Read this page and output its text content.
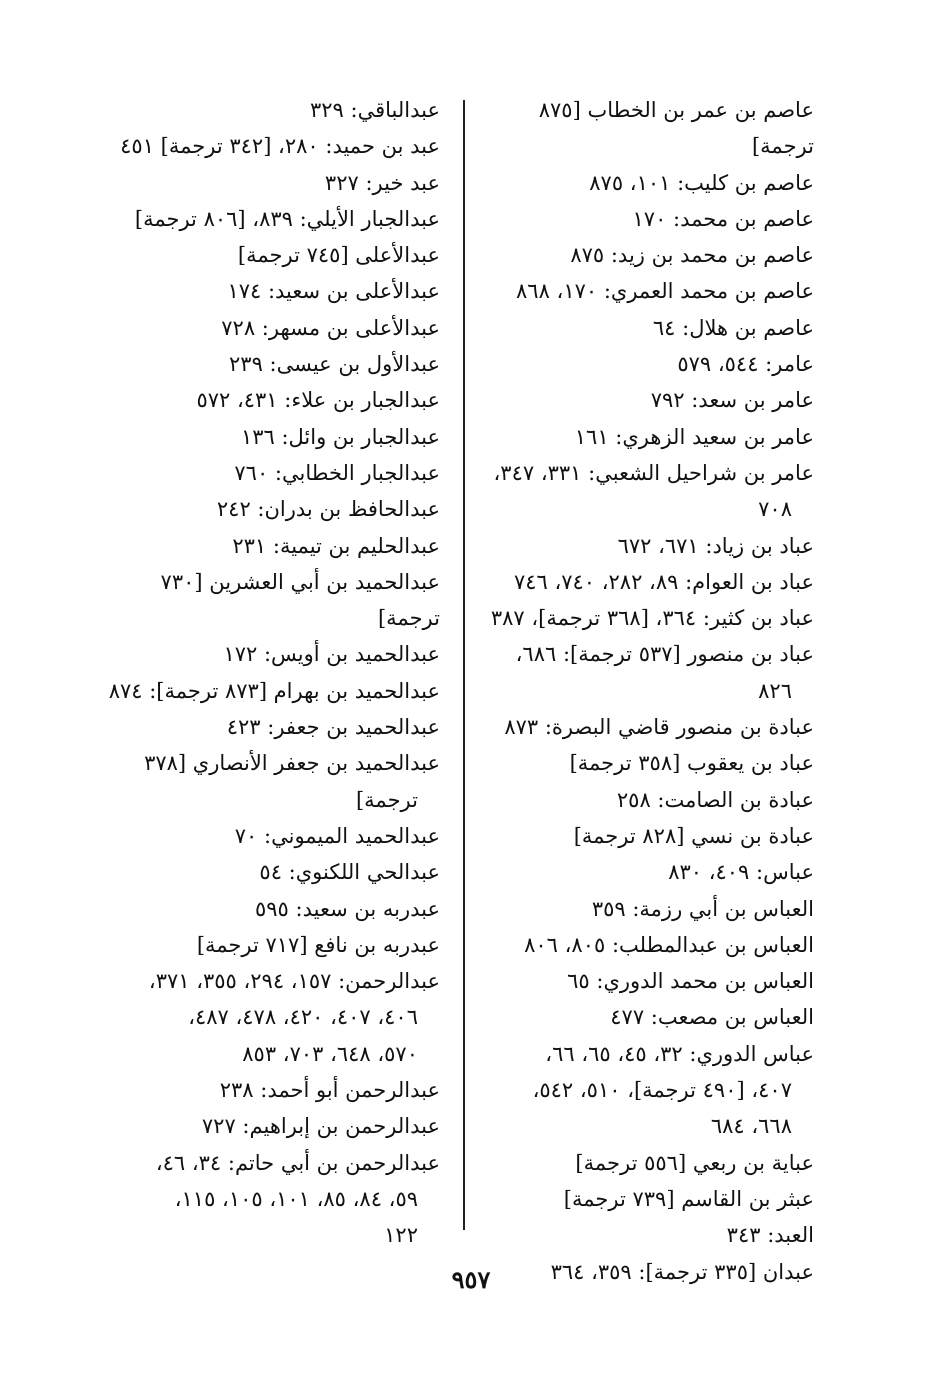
عاصم بن عمر بن الخطاب [٨٧٥ ترجمة]
عاصم بن كليب: ١٠١، ٨٧٥
عاصم بن محمد: ١٧٠
عاصم بن محمد بن زيد: ٨٧٥
عاصم بن محمد العمري: ١٧٠، ٨٦٨
عاصم بن هلال: ٦٤
عامر: ٥٤٤، ٥٧٩
عامر بن سعد: ٧٩٢
عامر بن سعيد الزهري: ١٦١
عامر بن شراحيل الشعبي: ٣٣١، ٣٤٧،
٧٠٨
عباد بن زياد: ٦٧١، ٦٧٢
عباد بن العوام: ٨٩، ٢٨٢، ٧٤٠، ٧٤٦
عباد بن كثير: ٣٦٤، [٣٦٨ ترجمة]، ٣٨٧
عباد بن منصور [٥٣٧ ترجمة]: ٦٨٦،
٨٢٦
عبادة بن منصور قاضي البصرة: ٨٧٣
عباد بن يعقوب [٣٥٨ ترجمة]
عبادة بن الصامت: ٢٥٨
عبادة بن نسي [٨٢٨ ترجمة]
عباس: ٤٠٩، ٨٣٠
العباس بن أبي رزمة: ٣٥٩
العباس بن عبدالمطلب: ٨٠٥، ٨٠٦
العباس بن محمد الدوري: ٦٥
العباس بن مصعب: ٤٧٧
عباس الدوري: ٣٢، ٤٥، ٦٥، ٦٦،
٤٠٧، [٤٩٠ ترجمة]، ٥١٠، ٥٤٢،
٦٦٨، ٦٨٤
عباية بن ربعي [٥٥٦ ترجمة]
عبثر بن القاسم [٧٣٩ ترجمة]
العبد: ٣٤٣
عبدان [٣٣٥ ترجمة]: ٣٥٩، ٣٦٤
عبدالباقي: ٣٢٩
عبد بن حميد: ٢٨٠، [٣٤٢ ترجمة] ٤٥١
عبد خير: ٣٢٧
عبدالجبار الأيلي: ٨٣٩، [٨٠٦ ترجمة]
عبدالأعلى [٧٤٥ ترجمة]
عبدالأعلى بن سعيد: ١٧٤
عبدالأعلى بن مسهر: ٧٢٨
عبدالأول بن عيسى: ٢٣٩
عبدالجبار بن علاء: ٤٣١، ٥٧٢
عبدالجبار بن وائل: ١٣٦
عبدالجبار الخطابي: ٧٦٠
عبدالحافظ بن بدران: ٢٤٢
عبدالحليم بن تيمية: ٢٣١
عبدالحميد بن أبي العشرين [٧٣٠ ترجمة]
عبدالحميد بن أويس: ١٧٢
عبدالحميد بن بهرام [٨٧٣ ترجمة]: ٨٧٤
عبدالحميد بن جعفر: ٤٢٣
عبدالحميد بن جعفر الأنصاري [٣٧٨
ترجمة]
عبدالحميد الميموني: ٧٠
عبدالحي اللكنوي: ٥٤
عبدربه بن سعيد: ٥٩٥
عبدربه بن نافع [٧١٧ ترجمة]
عبدالرحمن: ١٥٧، ٢٩٤، ٣٥٥، ٣٧١،
٤٠٦، ٤٠٧، ٤٢٠، ٤٧٨، ٤٨٧،
٥٧٠، ٦٤٨، ٧٠٣، ٨٥٣
عبدالرحمن أبو أحمد: ٢٣٨
عبدالرحمن بن إبراهيم: ٧٢٧
عبدالرحمن بن أبي حاتم: ٣٤، ٤٦،
٥٩، ٨٤، ٨٥، ١٠١، ١٠٥، ١١٥،
١٢٢
٩٥٧
